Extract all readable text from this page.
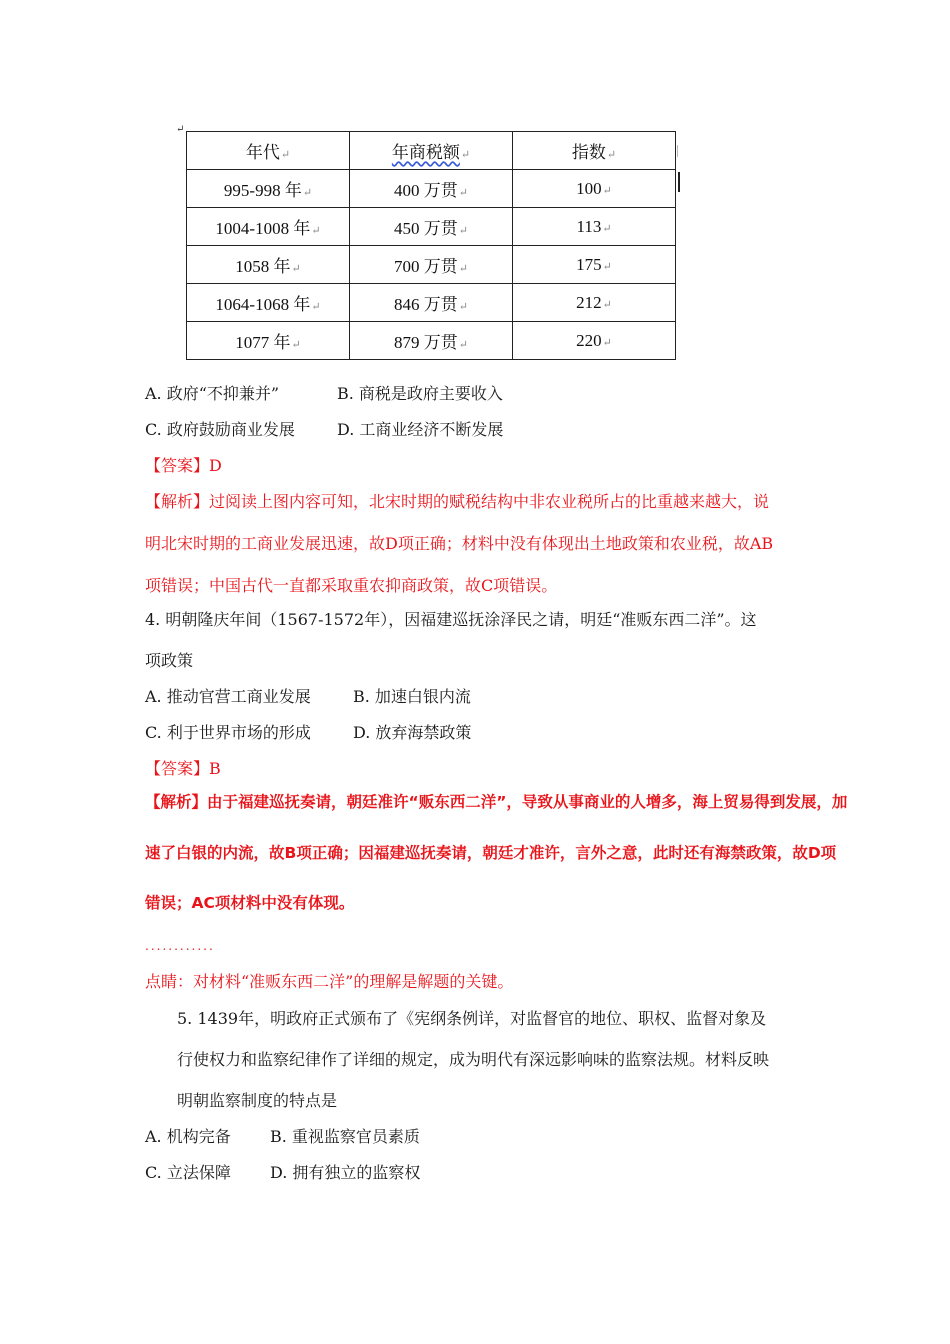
↵
年代↵	年商税额↵	指数↵
995-998 年↵	400 万贯↵	100↵
1004-1008 年↵	450 万贯↵	113↵
1058 年↵	700 万贯↵	175↵
1064-1068 年↵	846 万贯↵	212↵
1077 年↵	879 万贯↵	220↵
A. 政府“不抑兼并”	B. 商税是政府主要收入
C. 政府鼓励商业发展	D. 工商业经济不断发展
【答案】D
【解析】过阅读上图内容可知，北宋时期的赋税结构中非农业税所占的比重越来越大，说
明北宋时期的工商业发展迅速，故D项正确；材料中没有体现出土地政策和农业税，故AB
项错误；中国古代一直都采取重农抑商政策，故C项错误。
4. 明朝隆庆年间（1567-1572年），因福建巡抚涂泽民之请，明廷“准贩东西二洋”。这
项政策
A. 推动官营工商业发展	B. 加速白银内流
C. 利于世界市场的形成	D. 放弃海禁政策
【答案】B
【解析】由于福建巡抚奏请，朝廷准许“贩东西二洋”，导致从事商业的人增多，海上贸易得到发展，加
速了白银的内流，故B项正确；因福建巡抚奏请，朝廷才准许，言外之意，此时还有海禁政策，故D项
错误；AC项材料中没有体现。
............
点睛：对材料“准贩东西二洋”的理解是解题的关键。
5. 1439年，明政府正式颁布了《宪纲条例详，对监督官的地位、职权、监督对象及
行使权力和监察纪律作了详细的规定，成为明代有深远影响味的监察法规。材料反映
明朝监察制度的特点是
A. 机构完备 B. 重视监察官员素质
C. 立法保障 D. 拥有独立的监察权
